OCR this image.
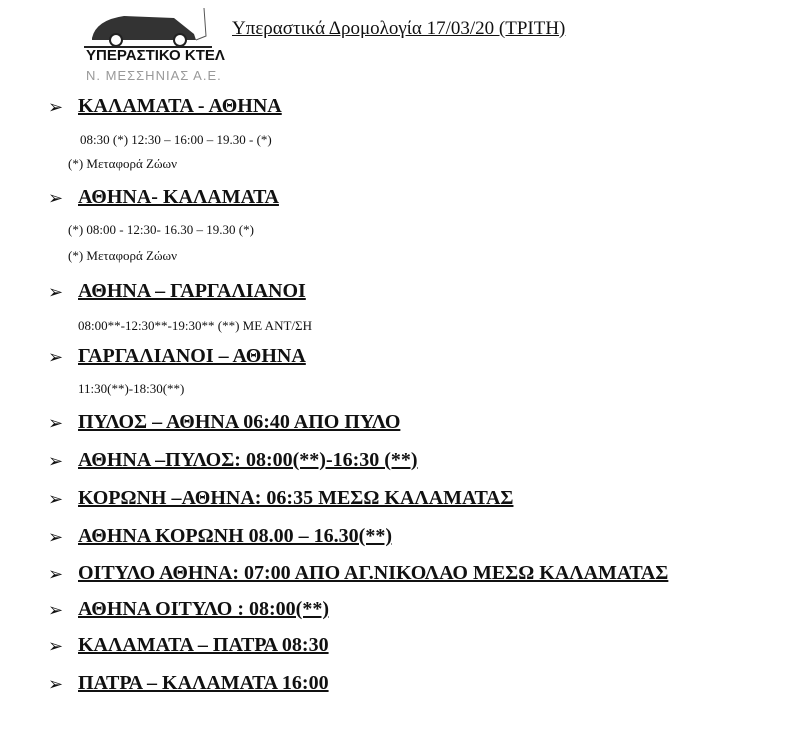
ΥΠΕΡΑΣΤΙΚΟ ΚΤΕΛ
Ν. ΜΕΣΣΗΝΙΑΣ Α.Ε.
Υπεραστικά Δρομολογία 17/03/20 (ΤΡΙΤΗ)
➢ ΚΑΛΑΜΑΤΑ - ΑΘΗΝΑ
08:30 (*) 12:30 – 16:00 – 19.30 - (*)
(*) Μεταφορά Ζώων
➢ ΑΘΗΝΑ- ΚΑΛΑΜΑΤΑ
(*) 08:00 - 12:30- 16.30 – 19.30 (*)
(*) Μεταφορά Ζώων
➢ ΑΘΗΝΑ – ΓΑΡΓΑΛΙΑΝΟΙ
08:00**-12:30**-19:30** (**) ΜΕ ΑΝΤ/ΣΗ
➢ ΓΑΡΓΑΛΙΑΝΟΙ – ΑΘΗΝΑ
11:30(**)-18:30(**)
➢ ΠΥΛΟΣ – ΑΘΗΝΑ 06:40 ΑΠΟ ΠΥΛΟ
➢ ΑΘΗΝΑ –ΠΥΛΟΣ: 08:00(**)-16:30 (**)
➢ ΚΟΡΩΝΗ –ΑΘΗΝΑ: 06:35 ΜΕΣΩ ΚΑΛΑΜΑΤΑΣ
➢ ΑΘΗΝΑ ΚΟΡΩΝΗ 08.00 – 16.30(**)
➢ ΟΙΤΥΛΟ ΑΘΗΝΑ: 07:00 ΑΠΟ ΑΓ.ΝΙΚΟΛΑΟ ΜΕΣΩ ΚΑΛΑΜΑΤΑΣ
➢ ΑΘΗΝΑ ΟΙΤΥΛΟ : 08:00(**)
➢ ΚΑΛΑΜΑΤΑ – ΠΑΤΡΑ 08:30
➢ ΠΑΤΡΑ – ΚΑΛΑΜΑΤΑ 16:00
